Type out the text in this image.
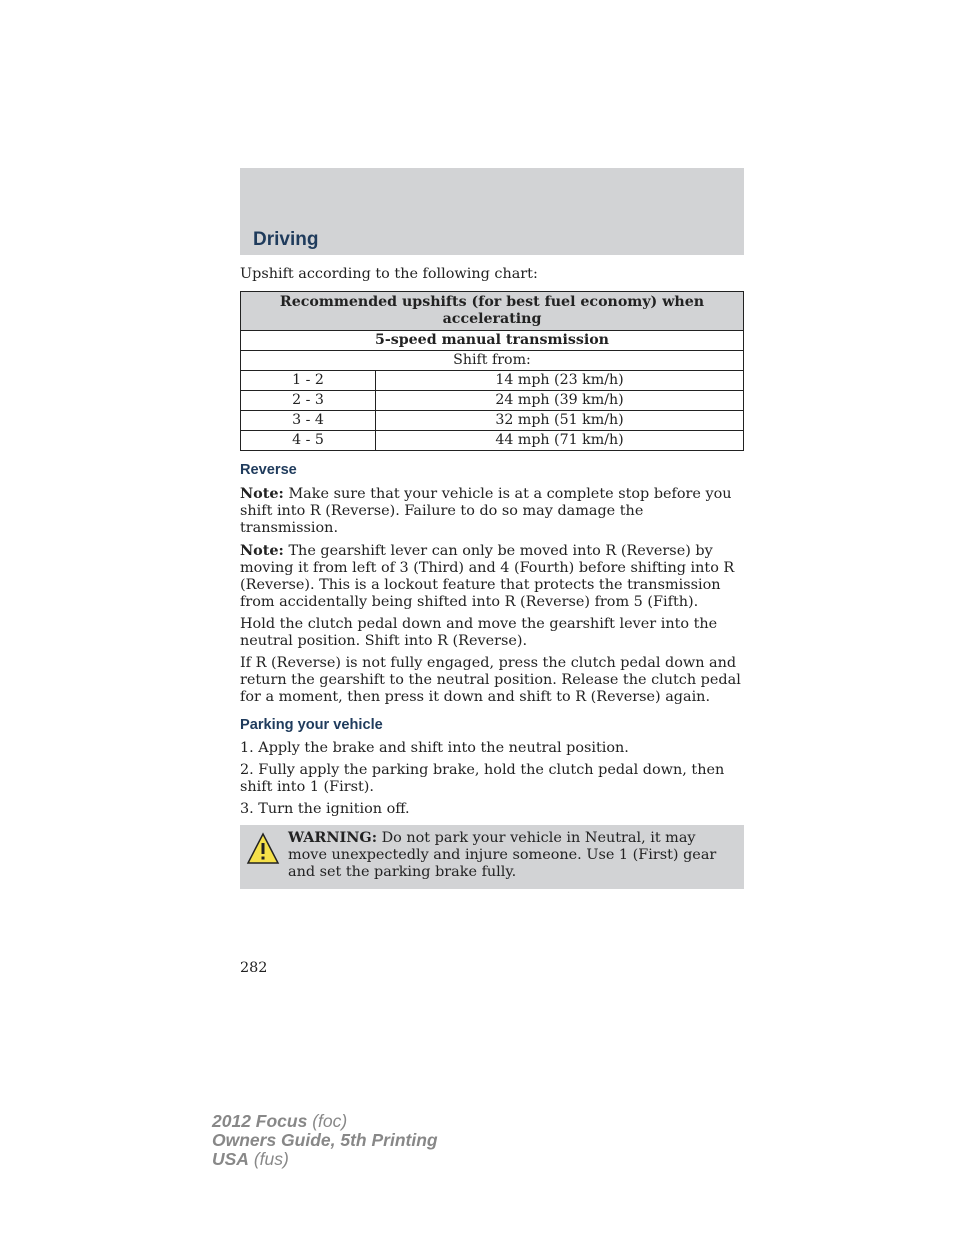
Driving

Upshift according to the following chart:

Recommended upshifts (for best fuel economy) when accelerating	
5-speed manual transmission	
Shift from:	
1 - 2	14 mph (23 km/h)
2 - 3	24 mph (39 km/h)
3 - 4	32 mph (51 km/h)
4 - 5	44 mph (71 km/h)
Reverse

Note: Make sure that your vehicle is at a complete stop before you shift into R (Reverse). Failure to do so may damage the transmission.

Note: The gearshift lever can only be moved into R (Reverse) by moving it from left of 3 (Third) and 4 (Fourth) before shifting into R (Reverse). This is a lockout feature that protects the transmission from accidentally being shifted into R (Reverse) from 5 (Fifth).

Hold the clutch pedal down and move the gearshift lever into the neutral position. Shift into R (Reverse).

If R (Reverse) is not fully engaged, press the clutch pedal down and return the gearshift to the neutral position. Release the clutch pedal for a moment, then press it down and shift to R (Reverse) again.

Parking your vehicle

1. Apply the brake and shift into the neutral position.

2. Fully apply the parking brake, hold the clutch pedal down, then shift into 1 (First).

3. Turn the ignition off.

WARNING: Do not park your vehicle in Neutral, it may move unexpectedly and injure someone. Use 1 (First) gear and set the parking brake fully.

282
2012 Focus (foc)
Owners Guide, 5th Printing
USA (fus)
